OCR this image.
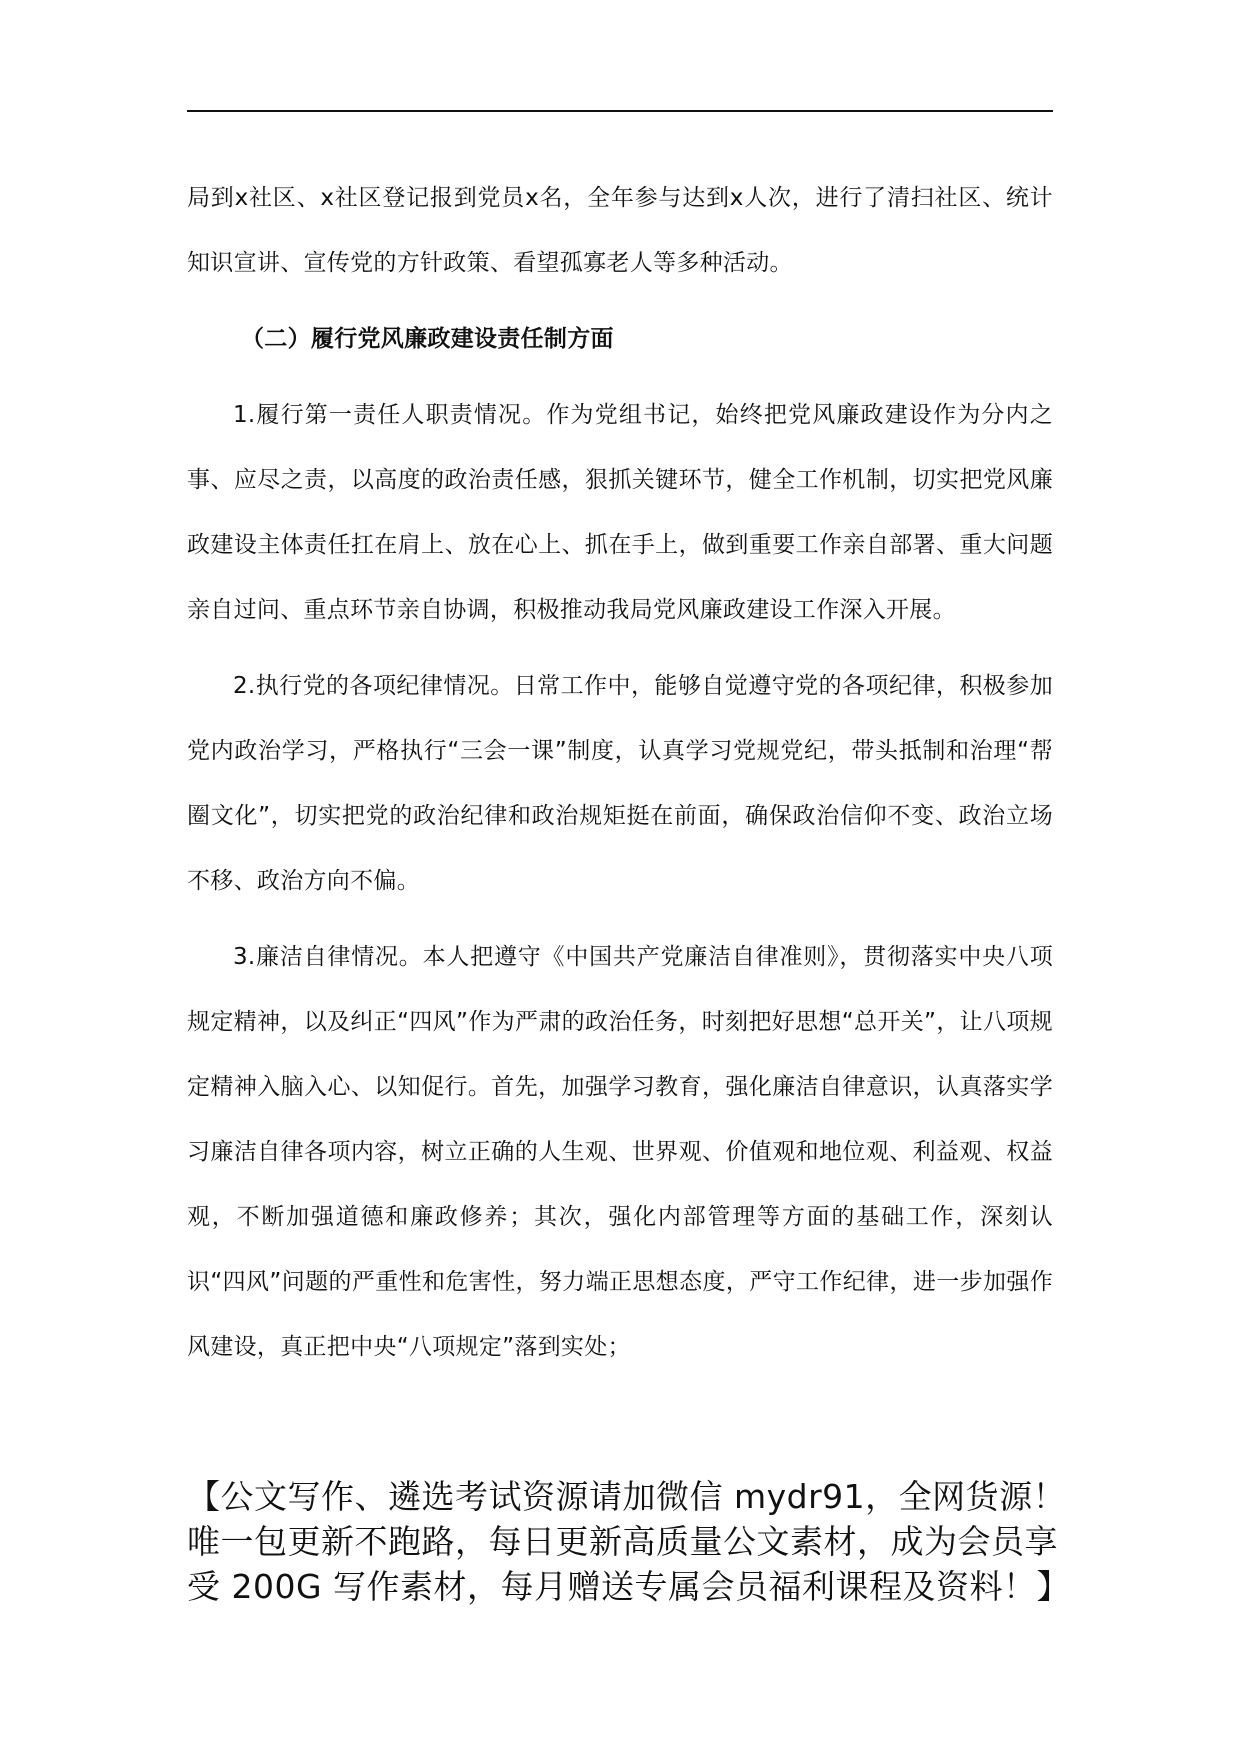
局到x社区、x社区登记报到党员x名，全年参与达到x人次，进行了清扫社区、统计知识宣讲、宣传党的方针政策、看望孤寡老人等多种活动。

（二）履行党风廉政建设责任制方面

1.履行第一责任人职责情况。作为党组书记，始终把党风廉政建设作为分内之事、应尽之责，以高度的政治责任感，狠抓关键环节，健全工作机制，切实把党风廉政建设主体责任扛在肩上、放在心上、抓在手上，做到重要工作亲自部署、重大问题亲自过问、重点环节亲自协调，积极推动我局党风廉政建设工作深入开展。

2.执行党的各项纪律情况。日常工作中，能够自觉遵守党的各项纪律，积极参加党内政治学习，严格执行“三会一课”制度，认真学习党规党纪，带头抵制和治理“帮圈文化”，切实把党的政治纪律和政治规矩挺在前面，确保政治信仰不变、政治立场不移、政治方向不偏。

3.廉洁自律情况。本人把遵守《中国共产党廉洁自律准则》，贯彻落实中央八项规定精神，以及纠正“四风”作为严肃的政治任务，时刻把好思想“总开关”，让八项规定精神入脑入心、以知促行。首先，加强学习教育，强化廉洁自律意识，认真落实学习廉洁自律各项内容，树立正确的人生观、世界观、价值观和地位观、利益观、权益观，不断加强道德和廉政修养；其次，强化内部管理等方面的基础工作，深刻认识“四风”问题的严重性和危害性，努力端正思想态度，严守工作纪律，进一步加强作风建设，真正把中央“八项规定”落到实处；

【公文写作、遴选考试资源请加微信 mydr91，全网货源！唯一包更新不跑路，每日更新高质量公文素材，成为会员享受 200G 写作素材，每月赠送专属会员福利课程及资料！】
